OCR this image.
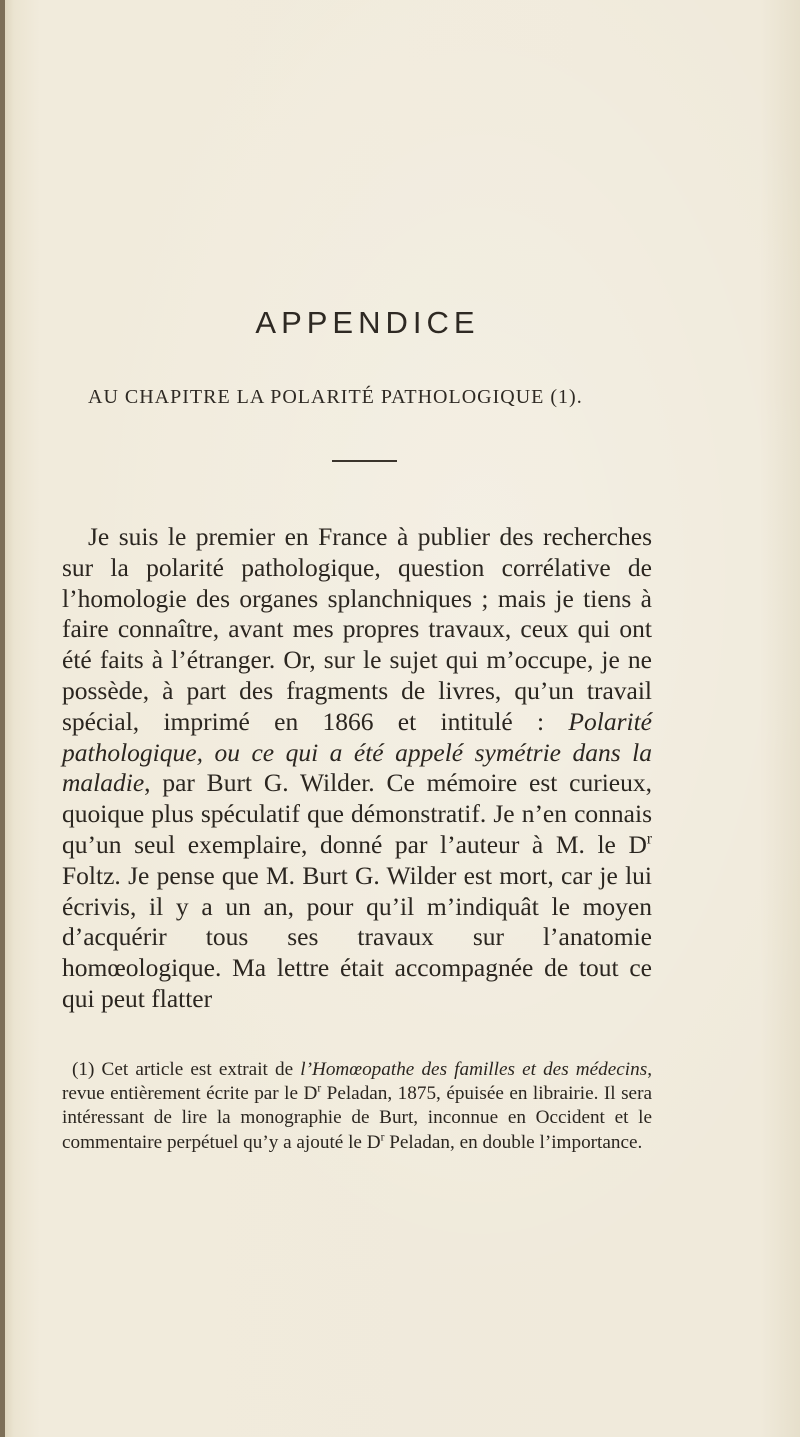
APPENDICE
AU CHAPITRE LA POLARITÉ PATHOLOGIQUE (1).

Je suis le premier en France à publier des recherches sur la polarité pathologique, question corrélative de l’homologie des organes splanchniques ; mais je tiens à faire connaître, avant mes propres travaux, ceux qui ont été faits à l’étranger. Or, sur le sujet qui m’occupe, je ne possède, à part des fragments de livres, qu’un travail spécial, imprimé en 1866 et intitulé : Polarité pathologique, ou ce qui a été appelé symétrie dans la maladie, par Burt G. Wilder. Ce mémoire est curieux, quoique plus spéculatif que démonstratif. Je n’en connais qu’un seul exemplaire, donné par l’auteur à M. le $D^r$ Foltz. Je pense que M. Burt G. Wilder est mort, car je lui écrivis, il y a un an, pour qu’il m’indiquât le moyen d’acquérir tous ses travaux sur l’anatomie homœologique. Ma lettre était accompagnée de tout ce qui peut flatter

(1) Cet article est extrait de l’Homœopathe des familles et des médecins, revue entièrement écrite par le $D^r$ Peladan, 1875, épuisée en librairie. Il sera intéressant de lire la monographie de Burt, inconnue en Occident et le commentaire perpétuel qu’y a ajouté le $D^r$ Peladan, en double l’importance.
